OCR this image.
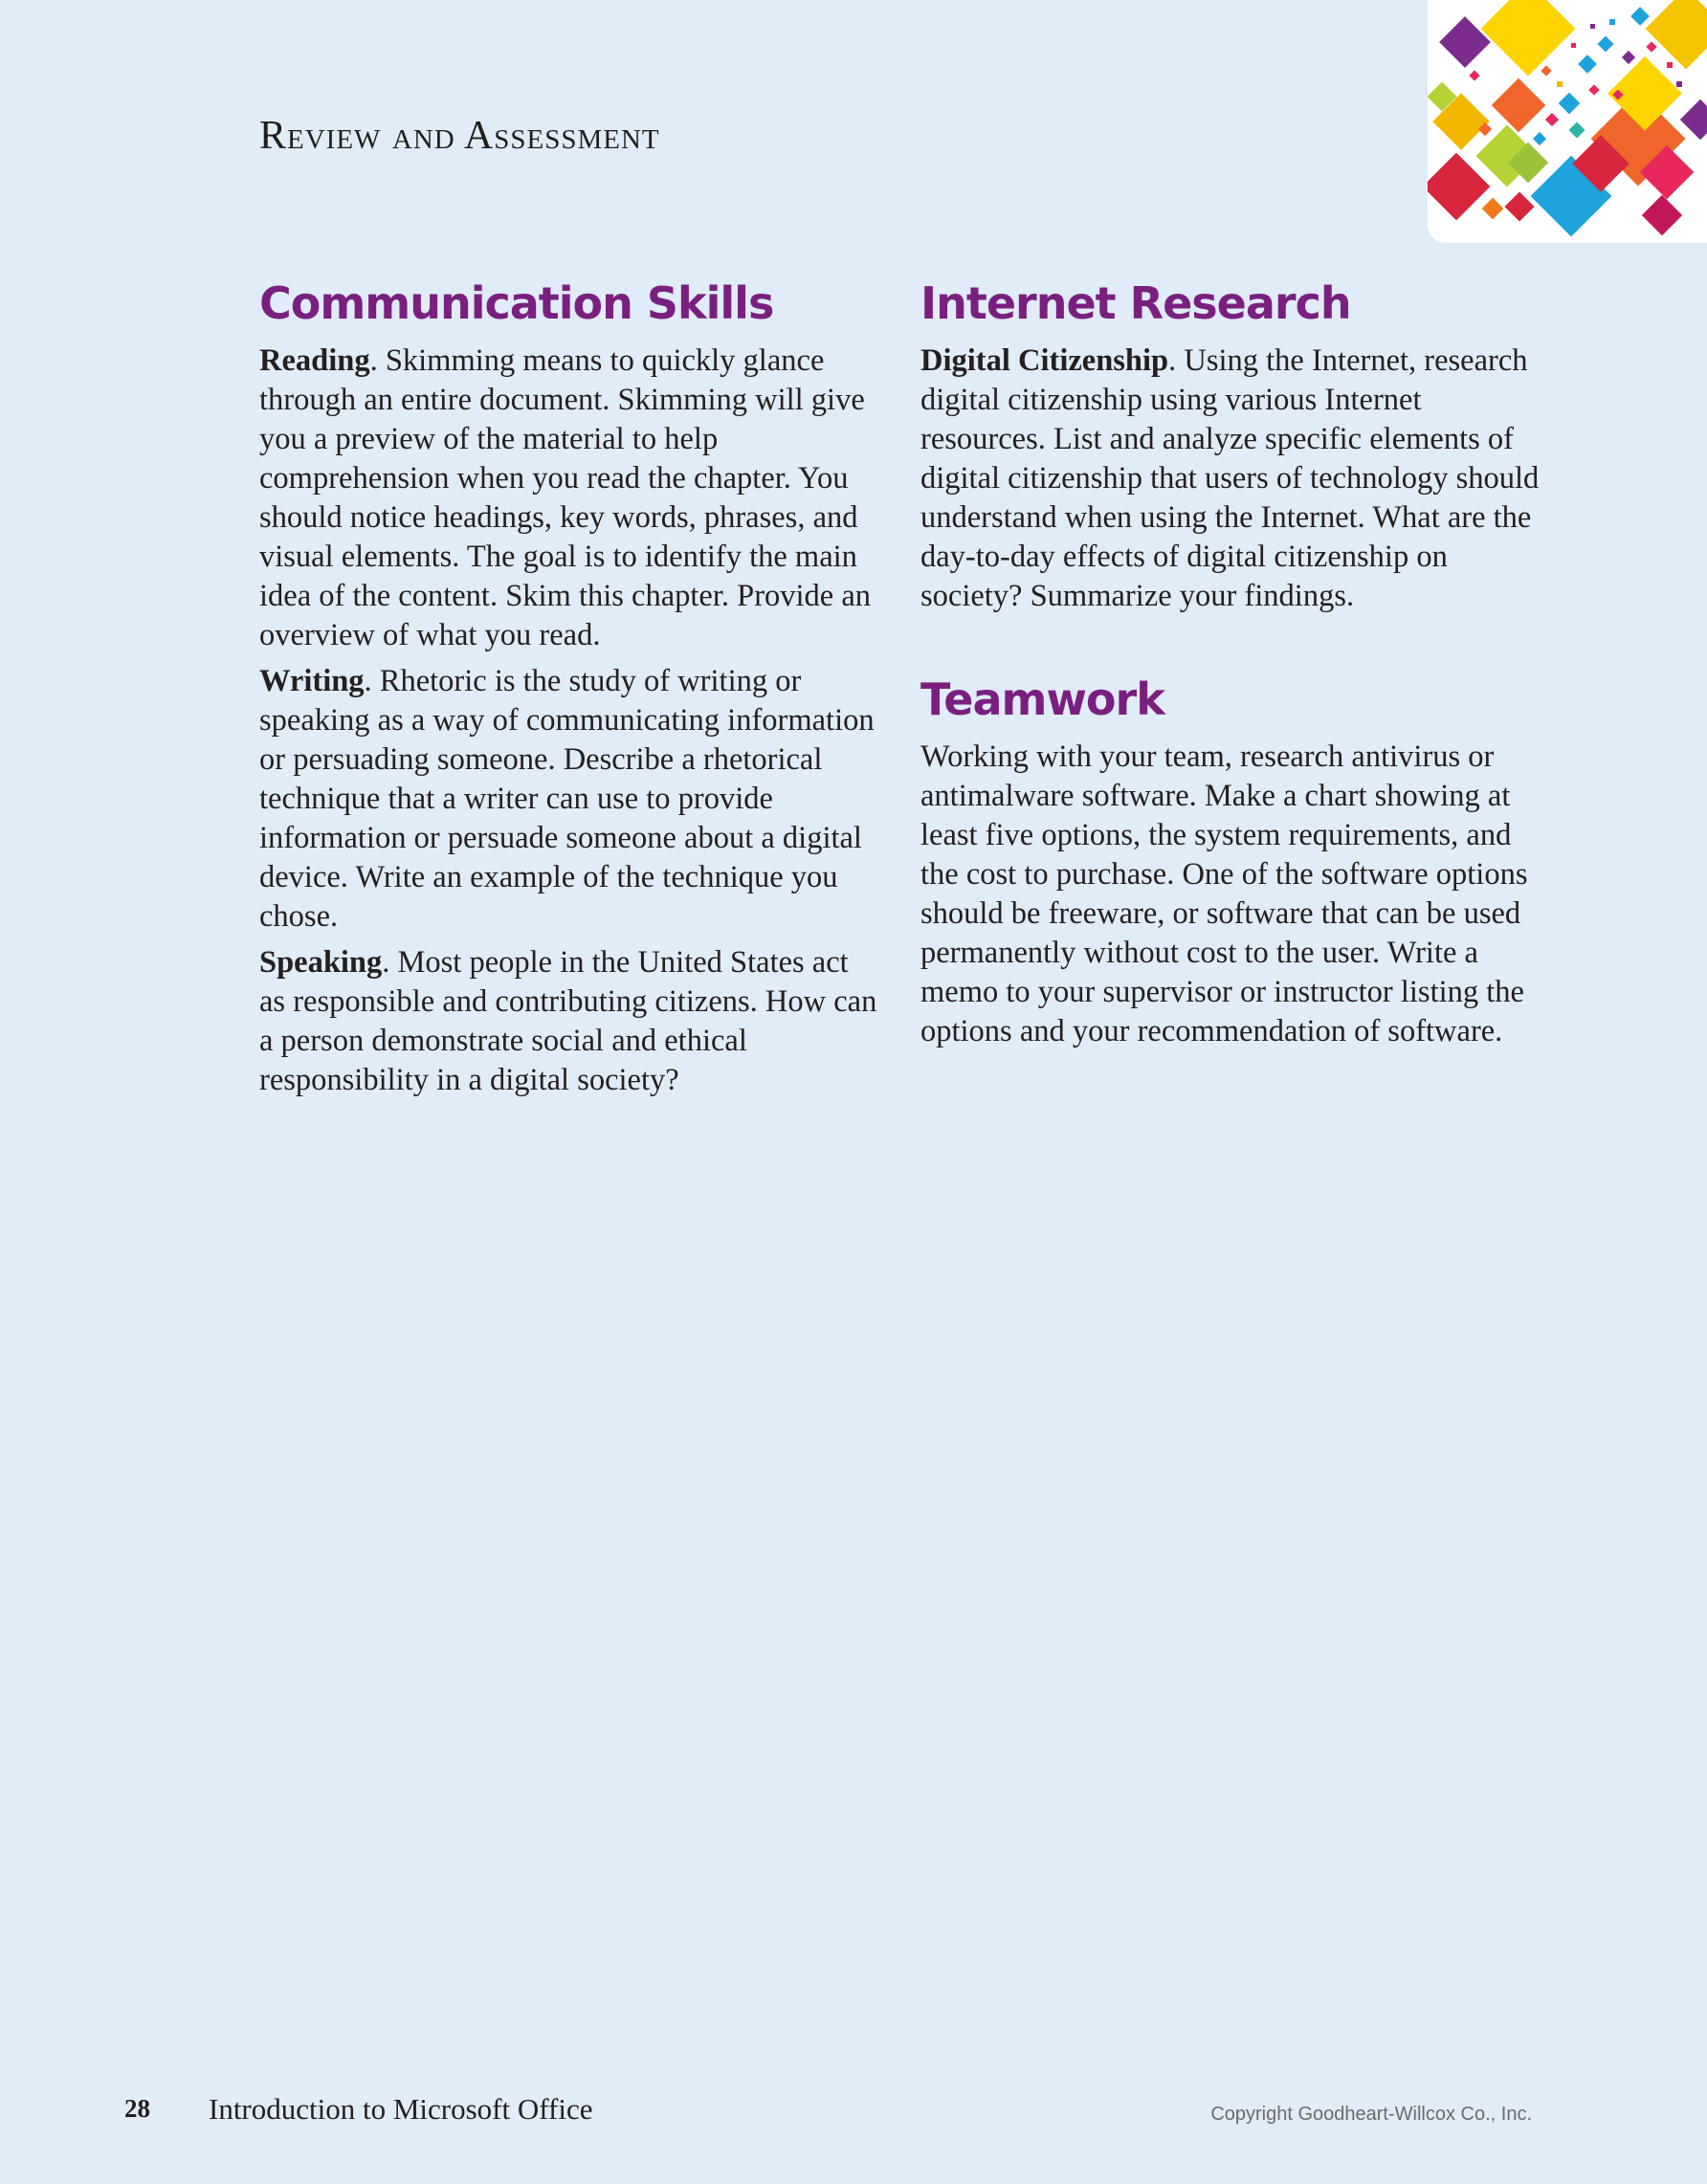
Review and Assessment
Communication Skills

Reading. Skimming means to quickly glance through an entire document. Skimming will give you a preview of the material to help comprehension when you read the chapter. You should notice headings, key words, phrases, and visual elements. The goal is to identify the main idea of the content. Skim this chapter. Provide an overview of what you read.

Writing. Rhetoric is the study of writing or speaking as a way of communicating information or persuading someone. Describe a rhetorical technique that a writer can use to provide information or persuade someone about a digital device. Write an example of the technique you chose.

Speaking. Most people in the United States act as responsible and contributing citizens. How can a person demonstrate social and ethical responsibility in a digital society?

Internet Research

Digital Citizenship. Using the Internet, research digital citizenship using various Internet resources. List and analyze specific elements of digital citizenship that users of technology should understand when using the Internet. What are the day-to-day effects of digital citizenship on society? Summarize your findings.

Teamwork

Working with your team, research antivirus or antimalware software. Make a chart showing at least five options, the system requirements, and the cost to purchase. One of the software options should be freeware, or software that can be used permanently without cost to the user. Write a memo to your supervisor or instructor listing the options and your recommendation of software.

28 Introduction to Microsoft Office	Copyright Goodheart-Willcox Co., Inc.
